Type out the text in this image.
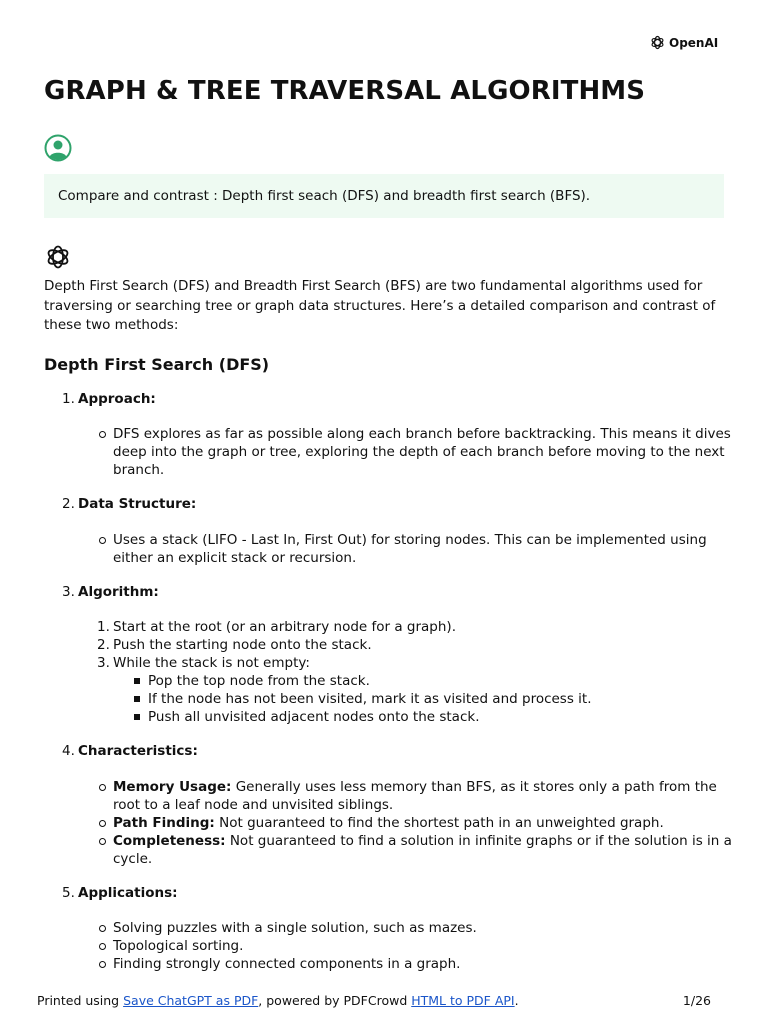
OpenAI
GRAPH & TREE TRAVERSAL ALGORITHMS
Compare and contrast : Depth first seach (DFS) and breadth first search (BFS).

Depth First Search (DFS) and Breadth First Search (BFS) are two fundamental algorithms used for traversing or searching tree or graph data structures. Here’s a detailed comparison and contrast of these two methods:

Depth First Search (DFS)
1. Approach:
DFS explores as far as possible along each branch before backtracking. This means it dives deep into the graph or tree, exploring the depth of each branch before moving to the next branch.
2. Data Structure:
Uses a stack (LIFO - Last In, First Out) for storing nodes. This can be implemented using either an explicit stack or recursion.
3. Algorithm:
1. Start at the root (or an arbitrary node for a graph).
2. Push the starting node onto the stack.
3. While the stack is not empty:
Pop the top node from the stack.
If the node has not been visited, mark it as visited and process it.
Push all unvisited adjacent nodes onto the stack.
4. Characteristics:
Memory Usage: Generally uses less memory than BFS, as it stores only a path from the root to a leaf node and unvisited siblings.
Path Finding: Not guaranteed to find the shortest path in an unweighted graph.
Completeness: Not guaranteed to find a solution in infinite graphs or if the solution is in a cycle.
5. Applications:
Solving puzzles with a single solution, such as mazes.
Topological sorting.
Finding strongly connected components in a graph.
Printed using Save ChatGPT as PDF, powered by PDFCrowd HTML to PDF API.	1/26
